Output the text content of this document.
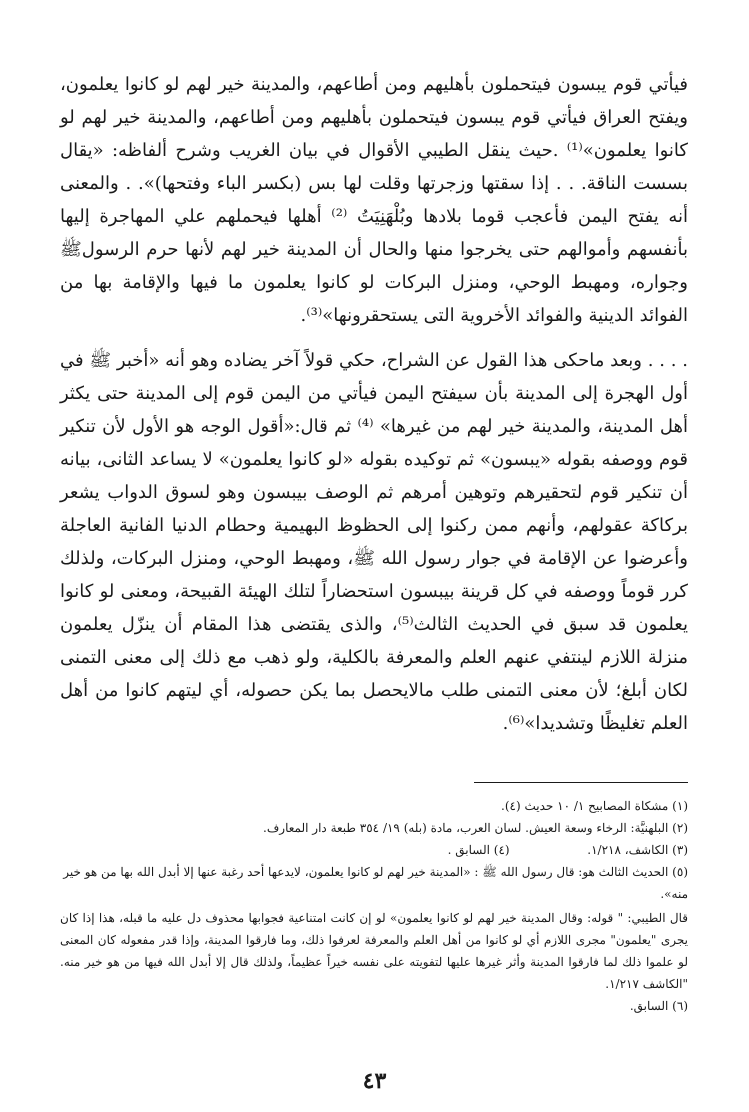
فيأتي قوم يبسون فيتحملون بأهليهم ومن أطاعهم، والمدينة خير لهم لو كانوا يعلمون، ويفتح العراق فيأتي قوم يبسون فيتحملون بأهليهم ومن أطاعهم، والمدينة خير لهم لو كانوا يعلمون»⁽¹⁾ .حيث ينقل الطيبي الأقوال في بيان الغريب وشرح ألفاظه: «يقال بسست الناقة. . . إذا سقتها وزجرتها وقلت لها بس (بكسر الباء وفتحها)». . والمعنى أنه يفتح اليمن فأعجب قوما بلادها وبُلْهَنِيَتُ ⁽²⁾ أهلها فيحملهم علي المهاجرة إليها بأنفسهم وأموالهم حتى يخرجوا منها والحال أن المدينة خير لهم لأنها حرم الرسولﷺ وجواره، ومهبط الوحي، ومنزل البركات لو كانوا يعلمون ما فيها والإقامة بها من الفوائد الدينية والفوائد الأخروية التى يستحقرونها»⁽³⁾.

. . . . وبعد ماحكى هذا القول عن الشراح، حكي قولاً آخر يضاده وهو أنه «أخبر ﷺ في أول الهجرة إلى المدينة بأن سيفتح اليمن فيأتي من اليمن قوم إلى المدينة حتى يكثر أهل المدينة، والمدينة خير لهم من غيرها» ⁽⁴⁾ ثم قال:«أقول الوجه هو الأول لأن تنكير قوم ووصفه بقوله «يبسون» ثم توكيده بقوله «لو كانوا يعلمون» لا يساعد الثانى، بيانه أن تنكير قوم لتحقيرهم وتوهين أمرهم ثم الوصف بيبسون وهو لسوق الدواب يشعر بركاكة عقولهم، وأنهم ممن ركنوا إلى الحظوظ البهيمية وحطام الدنيا الفانية العاجلة وأعرضوا عن الإقامة في جوار رسول الله ﷺ، ومهبط الوحي، ومنزل البركات، ولذلك كرر قوماً ووصفه في كل قرينة بيبسون استحضاراً لتلك الهيئة القبيحة، ومعنى لو كانوا يعلمون قد سبق في الحديث الثالث⁽⁵⁾، والذى يقتضى هذا المقام أن ينزّل يعلمون منزلة اللازم لينتفي عنهم العلم والمعرفة بالكلية، ولو ذهب مع ذلك إلى معنى التمنى لكان أبلغ؛ لأن معنى التمنى طلب مالايحصل بما يكن حصوله، أي ليتهم كانوا من أهل العلم تغليظًا وتشديدا»⁽⁶⁾.

(١) مشكاة المصابيح ١/ ١٠ حديث (٤).

(٢) البلهنيَّة: الرخاء وسعة العيش. لسان العرب، مادة (بله) ١٩/ ٣٥٤ طبعة دار المعارف.

(٣) الكاشف، ١/٢١٨.  (٤) السابق .

(٥) الحديث الثالث هو: قال رسول الله ﷺ : «المدينة خير لهم لو كانوا يعلمون، لايدعها أحد رغبة عنها إلا أبدل الله بها من هو خير منه».

قال الطيبي: " قوله: وقال المدينة خير لهم لو كانوا يعلمون» لو إن كانت امتناعية فجوابها محذوف دل عليه ما قبله، هذا إذا كان يجرى "يعلمون" مجرى اللازم أي لو كانوا من أهل العلم والمعرفة لعرفوا ذلك، وما فارقوا المدينة، وإذا قدر مفعوله كان المعنى لو علموا ذلك لما فارقوا المدينة وأثر غيرها عليها لتفويته على نفسه خيراً عظيماً، ولذلك قال إلا أبدل الله فيها من هو خير منه. "الكاشف ١/٢١٧.

(٦) السابق.

٤٣
